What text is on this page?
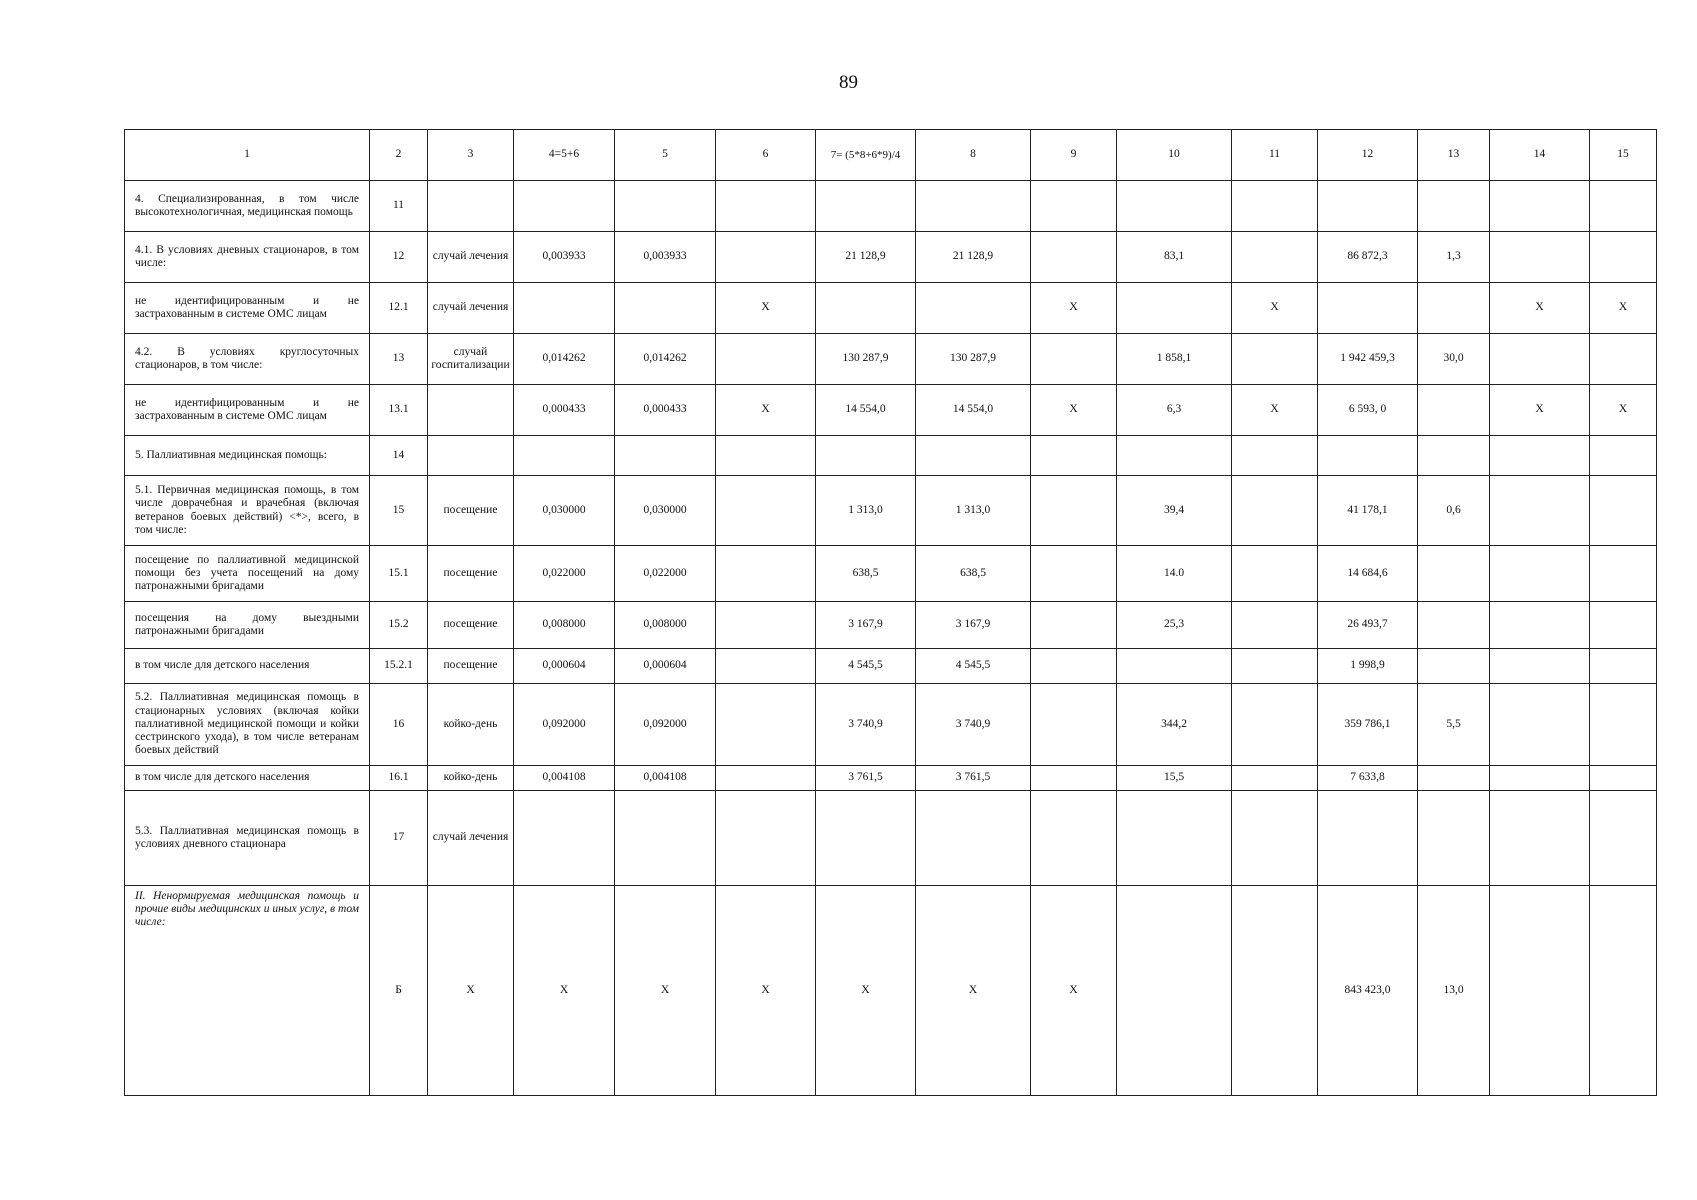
89
1	2	3	4=5+6	5	6	7= (5*8+6*9)/4	8	9	10	11	12	13	14	15
4. Специализированная, в том числе высокотехнологичная, медицинская помощь	11													
4.1. В условиях дневных стационаров, в том числе:	12	случай лечения	0,003933	0,003933		21 128,9	21 128,9		83,1		86 872,3	1,3		
не идентифицированным и не застрахованным в системе ОМС лицам	12.1	случай лечения			X			X		X			X	X
4.2. В условиях круглосуточных стационаров, в том числе:	13	случай госпитализации	0,014262	0,014262		130 287,9	130 287,9		1 858,1		1 942 459,3	30,0		
не идентифицированным и не застрахованным в системе ОМС лицам	13.1		0,000433	0,000433	X	14 554,0	14 554,0	X	6,3	X	6 593, 0		X	X
5. Паллиативная медицинская помощь:	14													
5.1. Первичная медицинская помощь, в том числе доврачебная и врачебная (включая ветеранов боевых действий) <*>, всего, в том числе:	15	посещение	0,030000	0,030000		1 313,0	1 313,0		39,4		41 178,1	0,6		
посещение по паллиативной медицинской помощи без учета посещений на дому патронажными бригадами	15.1	посещение	0,022000	0,022000		638,5	638,5		14.0		14 684,6			
посещения на дому выездными патронажными бригадами	15.2	посещение	0,008000	0,008000		3 167,9	3 167,9		25,3		26 493,7			
в том числе для детского населения	15.2.1	посещение	0,000604	0,000604		4 545,5	4 545,5				1 998,9			
5.2. Паллиативная медицинская помощь в стационарных условиях (включая койки паллиативной медицинской помощи и койки сестринского ухода), в том числе ветеранам боевых действий	16	койко-день	0,092000	0,092000		3 740,9	3 740,9		344,2		359 786,1	5,5		
в том числе для детского населения	16.1	койко-день	0,004108	0,004108		3 761,5	3 761,5		15,5		7 633,8			
5.3. Паллиативная медицинская помощь в условиях дневного стационара	17	случай лечения												
II. Ненормируемая медицинская помощь и прочие виды медицинских и иных услуг, в том числе:	Б	X	X	X	X	X	X	X			843 423,0	13,0		
